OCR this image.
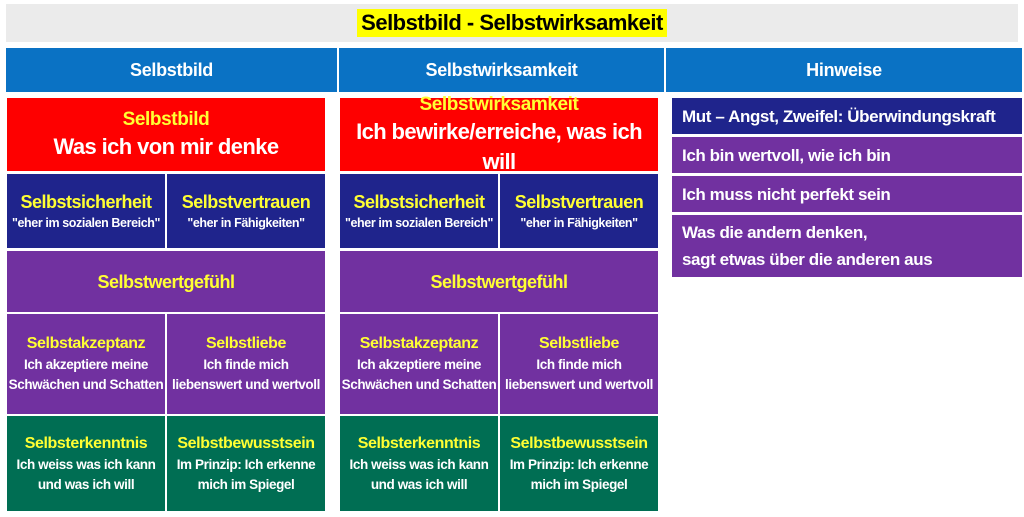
Selbstbild - Selbstwirksamkeit
Selbstbild	Selbstwirksamkeit	Hinweise
Selbstbild
Was ich von mir denke
Selbstsicherheit
"eher im sozialen Bereich"
Selbstvertrauen
"eher in Fähigkeiten"
Selbstwertgefühl
Selbstakzeptanz
Ich akzeptiere meine
Schwächen und Schatten
Selbstliebe
Ich finde mich
liebenswert und wertvoll
Selbsterkenntnis
Ich weiss was ich kann
und was ich will
Selbstbewusstsein
Im Prinzip: Ich erkenne
mich im Spiegel
Selbstwirksamkeit
Ich bewirke/erreiche, was ich will
Selbstsicherheit
"eher im sozialen Bereich"
Selbstvertrauen
"eher in Fähigkeiten"
Selbstwertgefühl
Selbstakzeptanz
Ich akzeptiere meine
Schwächen und Schatten
Selbstliebe
Ich finde mich
liebenswert und wertvoll
Selbsterkenntnis
Ich weiss was ich kann
und was ich will
Selbstbewusstsein
Im Prinzip: Ich erkenne
mich im Spiegel
Mut – Angst, Zweifel: Überwindungskraft
Ich bin wertvoll, wie ich bin
Ich muss nicht perfekt sein
Was die andern denken,
sagt etwas über die anderen aus
